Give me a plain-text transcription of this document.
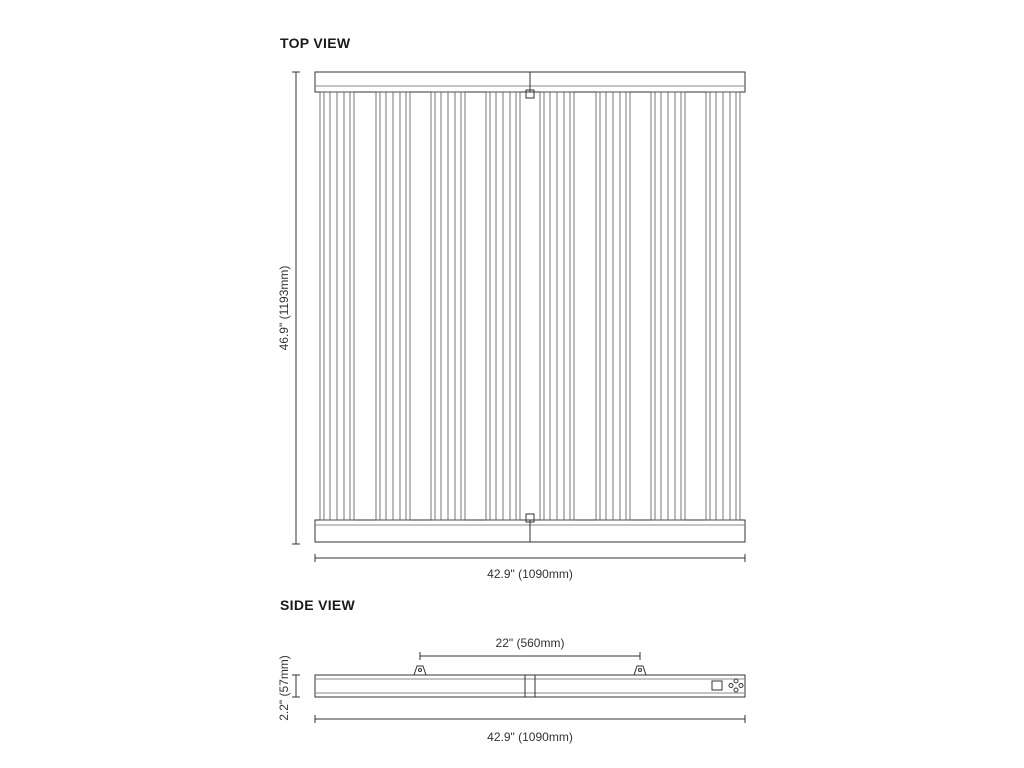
TOP VIEW
SIDE VIEW
46.9" (1193mm)
42.9" (1090mm)
22" (560mm)
2.2" (57mm)
42.9" (1090mm)
